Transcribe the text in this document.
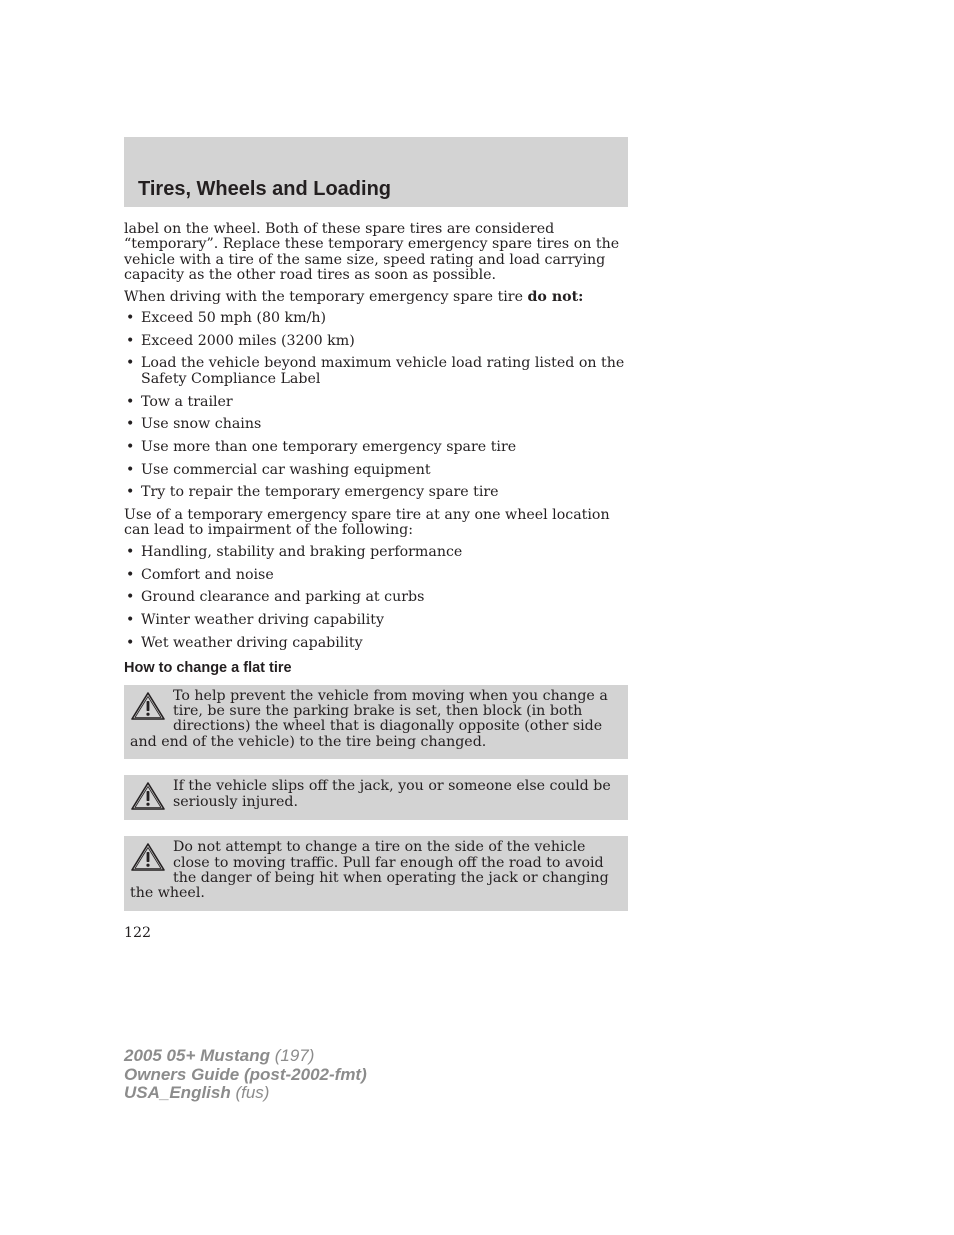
Tires, Wheels and Loading

label on the wheel. Both of these spare tires are considered “temporary”. Replace these temporary emergency spare tires on the vehicle with a tire of the same size, speed rating and load carrying capacity as the other road tires as soon as possible.

When driving with the temporary emergency spare tire do not:

• Exceed 50 mph (80 km/h)
• Exceed 2000 miles (3200 km)
• Load the vehicle beyond maximum vehicle load rating listed on the Safety Compliance Label
• Tow a trailer
• Use snow chains
• Use more than one temporary emergency spare tire
• Use commercial car washing equipment
• Try to repair the temporary emergency spare tire

Use of a temporary emergency spare tire at any one wheel location can lead to impairment of the following:

• Handling, stability and braking performance
• Comfort and noise
• Ground clearance and parking at curbs
• Winter weather driving capability
• Wet weather driving capability
How to change a flat tire
To help prevent the vehicle from moving when you change a tire, be sure the parking brake is set, then block (in both directions) the wheel that is diagonally opposite (other side and end of the vehicle) to the tire being changed.
If the vehicle slips off the jack, you or someone else could be seriously injured.
Do not attempt to change a tire on the side of the vehicle close to moving traffic. Pull far enough off the road to avoid the danger of being hit when operating the jack or changing the wheel.
122
2005 05+ Mustang (197)
Owners Guide (post-2002-fmt)
USA_English (fus)
